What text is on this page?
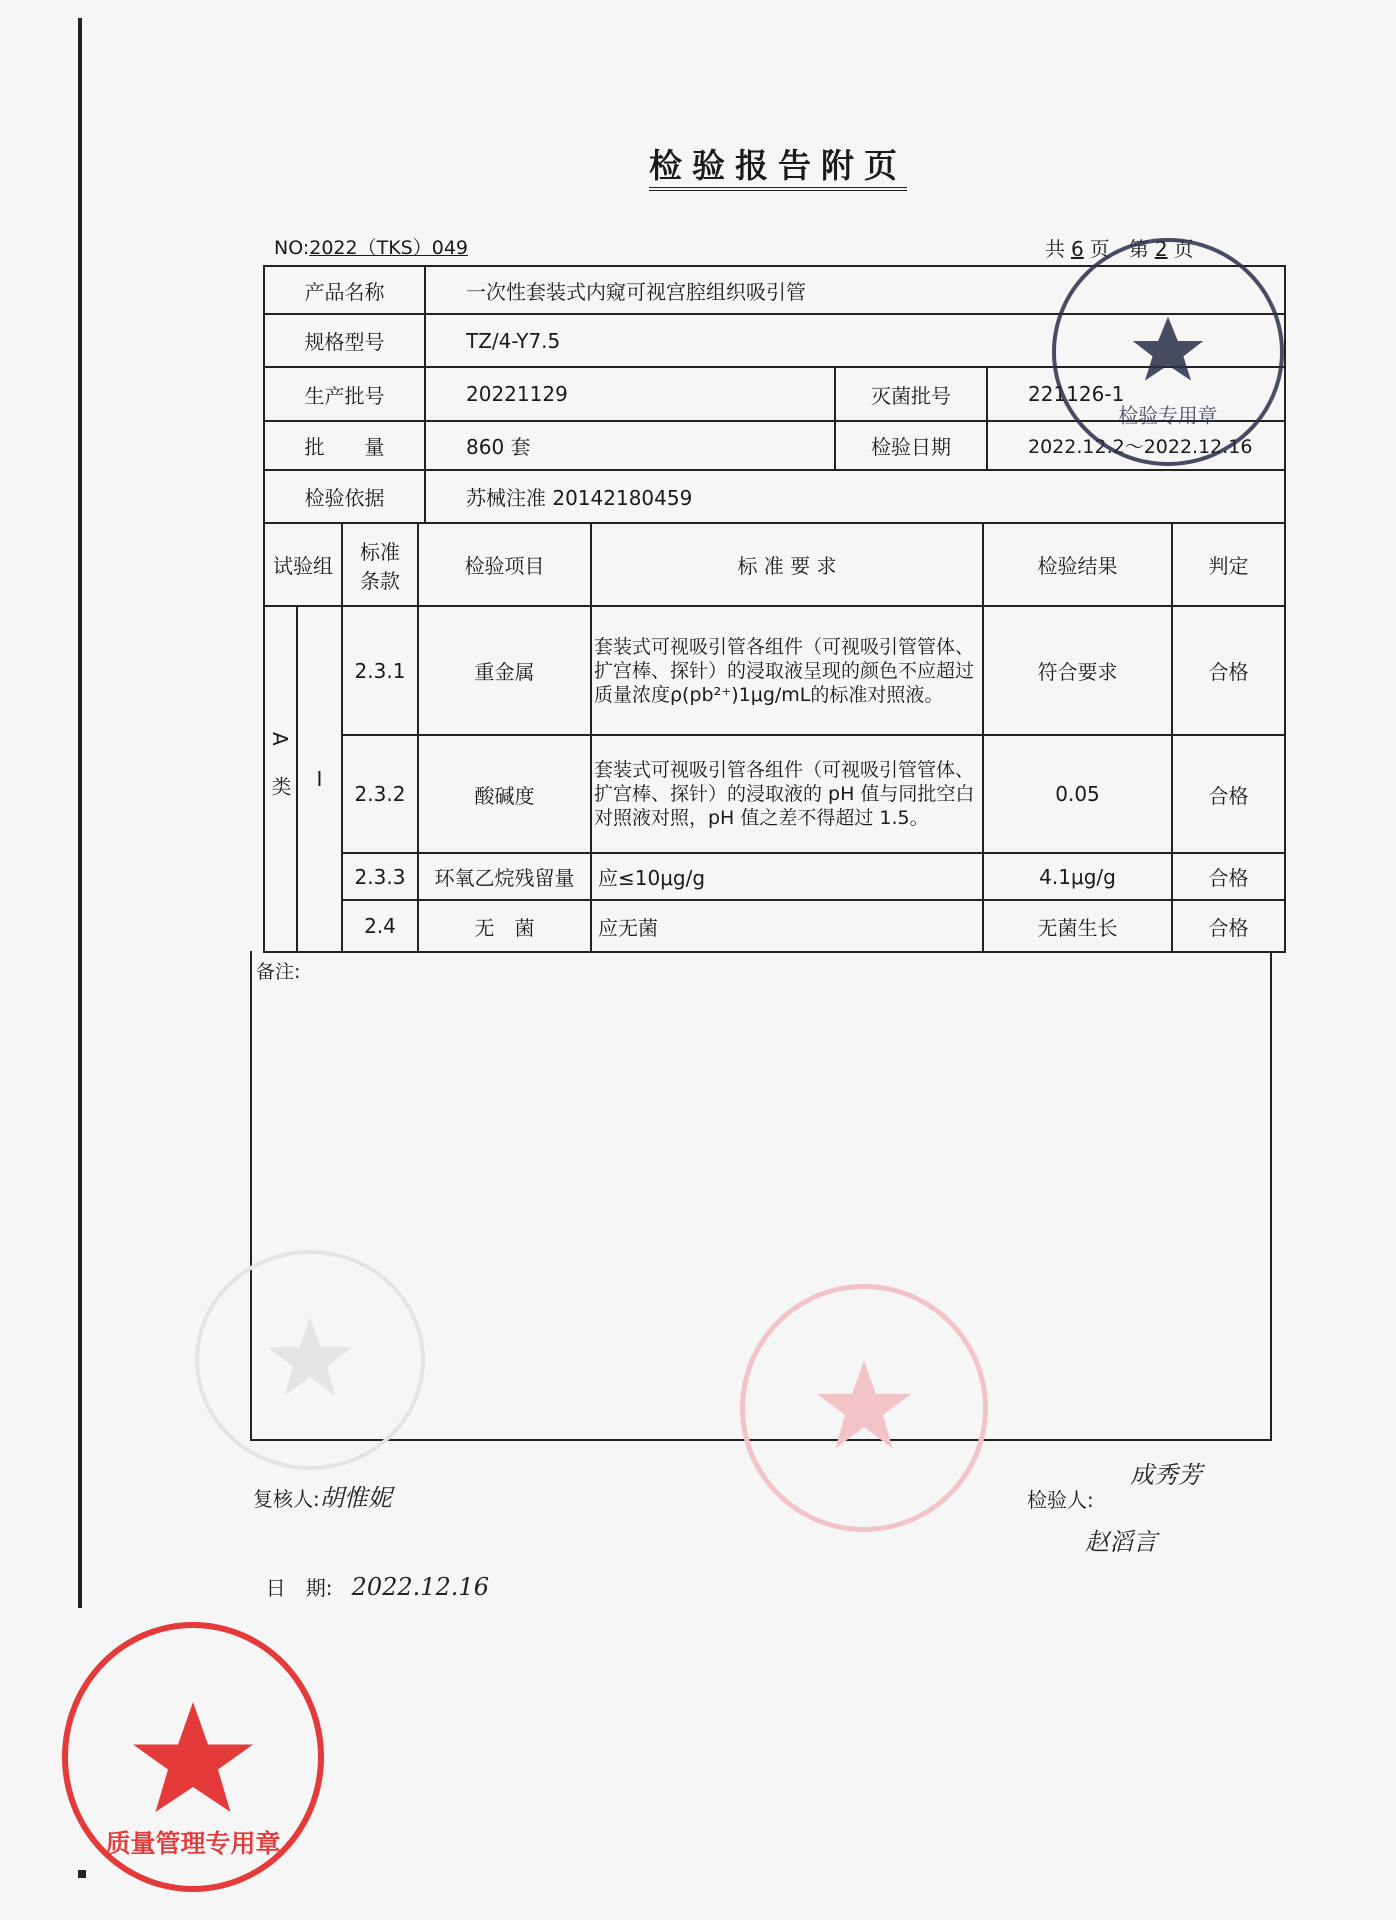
检验报告附页
NO:2022（TKS）049	共 6 页 第 2 页
产品名称	一次性套装式内窥可视宫腔组织吸引管		
规格型号	TZ/4-Y7.5		
生产批号	20221129	灭菌批号	221126-1
批　　量	860 套	检验日期	2022.12.2～2022.12.16
检验依据	苏械注准 20142180459		
试验组		标准条款	检验项目	标 准 要 求	检验结果	判定
A类	I	2.3.1	重金属	套装式可视吸引管各组件（可视吸引管管体、扩宫棒、探针）的浸取液呈现的颜色不应超过质量浓度ρ(pb²⁺)1μg/mL的标准对照液。	符合要求	合格
		2.3.2	酸碱度	套装式可视吸引管各组件（可视吸引管管体、扩宫棒、探针）的浸取液的 pH 值与同批空白对照液对照，pH 值之差不得超过 1.5。	0.05	合格
		2.3.3	环氧乙烷残留量	应≤10μg/g	4.1μg/g	合格
		2.4	无　菌	应无菌	无菌生长	合格
备注:
检验专用章
复核人:胡惟妮

日　期: 2022.12.16

检验人:
成秀芳
赵滔言
质量管理专用章
